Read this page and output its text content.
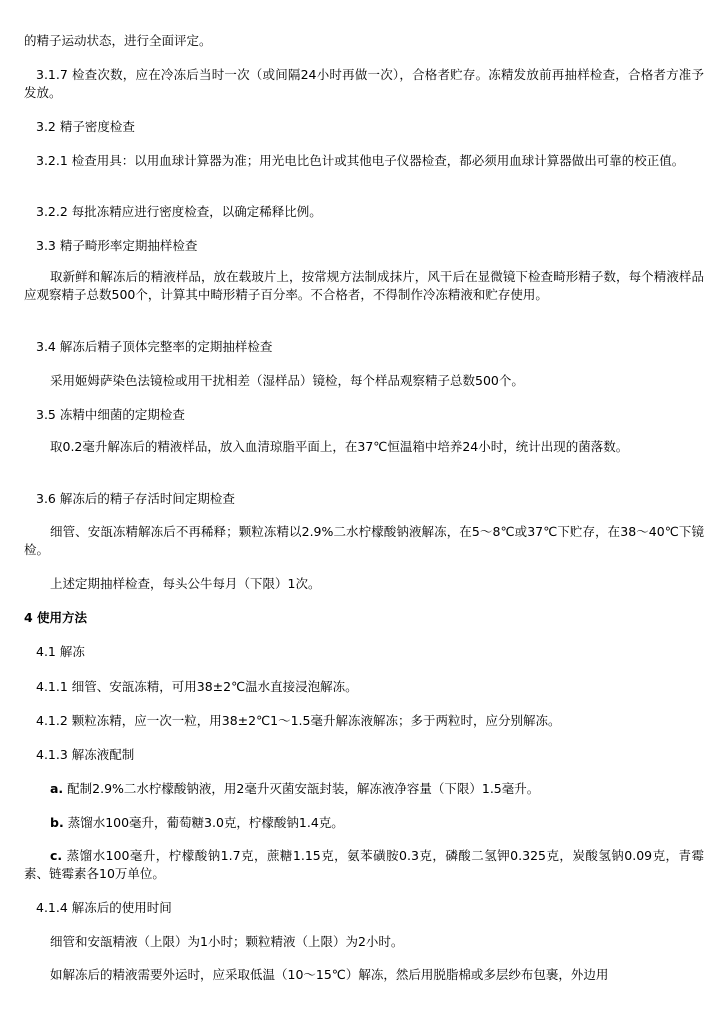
的精子运动状态，进行全面评定。

3.1.7 检查次数，应在冷冻后当时一次（或间隔24小时再做一次），合格者贮存。冻精发放前再抽样检查，合格者方准予发放。

3.2 精子密度检查

3.2.1 检查用具：以用血球计算器为准；用光电比色计或其他电子仪器检查，都必须用血球计算器做出可靠的校正值。

3.2.2 每批冻精应进行密度检查，以确定稀释比例。

3.3 精子畸形率定期抽样检查

取新鲜和解冻后的精液样品，放在载玻片上，按常规方法制成抹片，风干后在显微镜下检查畸形精子数，每个精液样品应观察精子总数500个，计算其中畸形精子百分率。不合格者，不得制作冷冻精液和贮存使用。

3.4 解冻后精子顶体完整率的定期抽样检查

采用姬姆萨染色法镜检或用干扰相差（湿样品）镜检，每个样品观察精子总数500个。

3.5 冻精中细菌的定期检查

取0.2毫升解冻后的精液样品，放入血清琼脂平面上，在37℃恒温箱中培养24小时，统计出现的菌落数。

3.6 解冻后的精子存活时间定期检查

细管、安瓿冻精解冻后不再稀释；颗粒冻精以2.9%二水柠檬酸钠液解冻，在5～8℃或37℃下贮存，在38～40℃下镜检。

上述定期抽样检查，每头公牛每月（下限）1次。

4 使用方法

4.1 解冻

4.1.1 细管、安瓿冻精，可用38±2℃温水直接浸泡解冻。

4.1.2 颗粒冻精，应一次一粒，用38±2℃1～1.5毫升解冻液解冻；多于两粒时，应分别解冻。

4.1.3 解冻液配制

a. 配制2.9%二水柠檬酸钠液，用2毫升灭菌安瓿封装，解冻液净容量（下限）1.5毫升。

b. 蒸馏水100毫升，葡萄糖3.0克，柠檬酸钠1.4克。

c. 蒸馏水100毫升，柠檬酸钠1.7克，蔗糖1.15克，氨苯磺胺0.3克，磷酸二氢钾0.325克，炭酸氢钠0.09克，青霉素、链霉素各10万单位。

4.1.4 解冻后的使用时间

细管和安瓿精液（上限）为1小时；颗粒精液（上限）为2小时。

如解冻后的精液需要外运时，应采取低温（10～15℃）解冻，然后用脱脂棉或多层纱布包裹，外边用
